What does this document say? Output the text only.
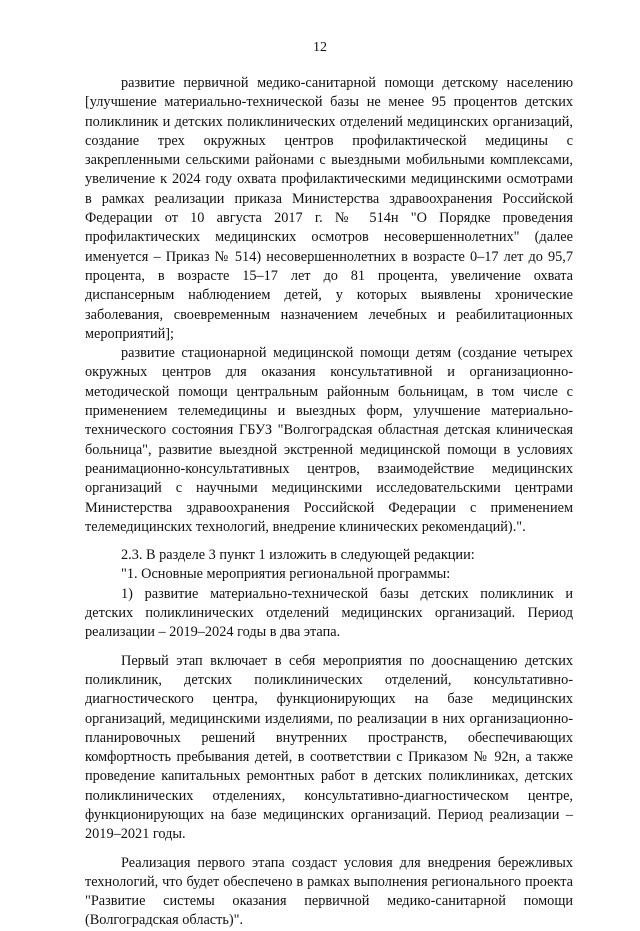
12

развитие первичной медико-санитарной помощи детскому населению [улучшение материально-технической базы не менее 95 процентов детских поликлиник и детских поликлинических отделений медицинских организаций, создание трех окружных центров профилактической медицины с закрепленными сельскими районами с выездными мобильными комплексами, увеличение к 2024 году охвата профилактическими медицинскими осмотрами в рамках реализации приказа Министерства здравоохранения Российской Федерации от 10 августа 2017 г. № 514н "О Порядке проведения профилактических медицинских осмотров несовершеннолетних" (далее именуется – Приказ № 514) несовершеннолетних в возрасте 0–17 лет до 95,7 процента, в возрасте 15–17 лет до 81 процента, увеличение охвата диспансерным наблюдением детей, у которых выявлены хронические заболевания, своевременным назначением лечебных и реабилитационных мероприятий];

развитие стационарной медицинской помощи детям (создание четырех окружных центров для оказания консультативной и организационно-методической помощи центральным районным больницам, в том числе с применением телемедицины и выездных форм, улучшение материально-технического состояния ГБУЗ "Волгоградская областная детская клиническая больница", развитие выездной экстренной медицинской помощи в условиях реанимационно-консультативных центров, взаимодействие медицинских организаций с научными медицинскими исследовательскими центрами Министерства здравоохранения Российской Федерации с применением телемедицинских технологий, внедрение клинических рекомендаций).".

2.3. В разделе 3 пункт 1 изложить в следующей редакции:

"1. Основные мероприятия региональной программы:

1) развитие материально-технической базы детских поликлиник и детских поликлинических отделений медицинских организаций. Период реализации – 2019–2024 годы в два этапа.

Первый этап включает в себя мероприятия по дооснащению детских поликлиник, детских поликлинических отделений, консультативно-диагностического центра, функционирующих на базе медицинских организаций, медицинскими изделиями, по реализации в них организационно-планировочных решений внутренних пространств, обеспечивающих комфортность пребывания детей, в соответствии с Приказом № 92н, а также проведение капитальных ремонтных работ в детских поликлиниках, детских поликлинических отделениях, консультативно-диагностическом центре, функционирующих на базе медицинских организаций. Период реализации – 2019–2021 годы.

Реализация первого этапа создаст условия для внедрения бережливых технологий, что будет обеспечено в рамках выполнения регионального проекта "Развитие системы оказания первичной медико-санитарной помощи (Волгоградская область)".
